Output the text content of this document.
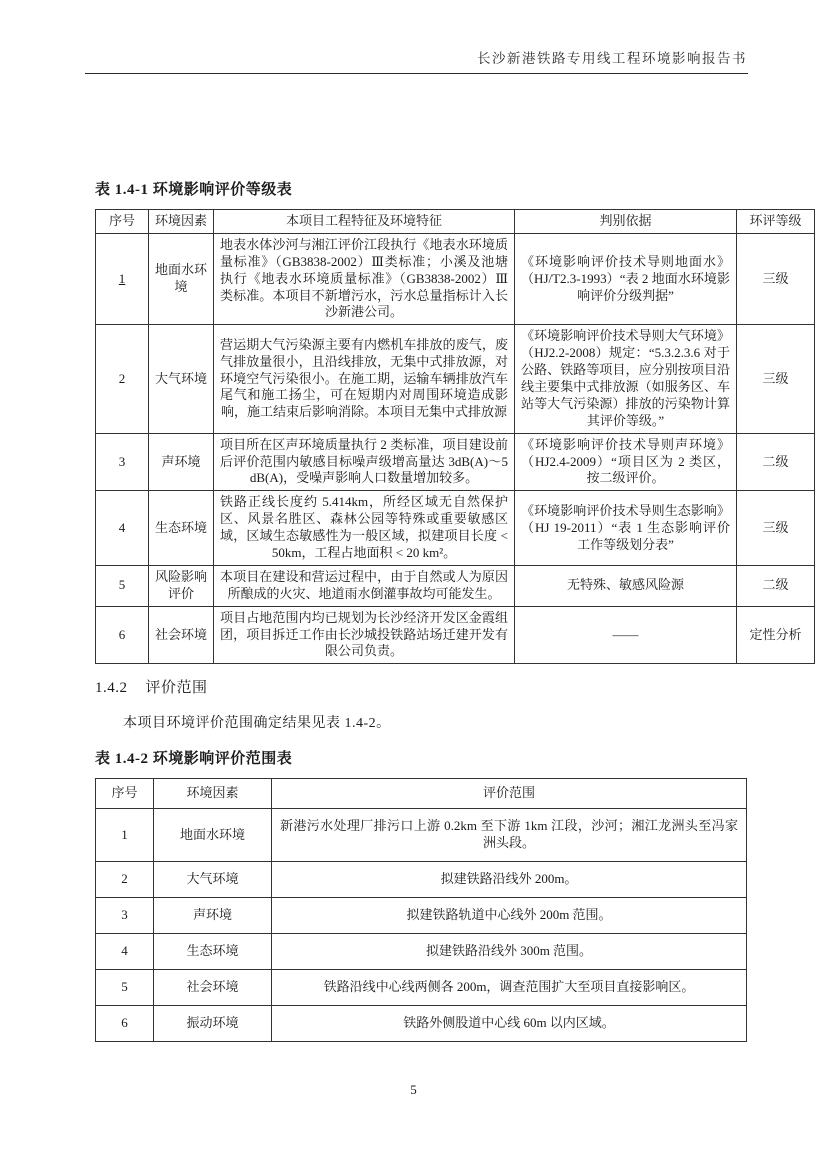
长沙新港铁路专用线工程环境影响报告书
表 1.4-1 环境影响评价等级表
序号	环境因素	本项目工程特征及环境特征	判别依据	环评等级
1	地面水环境	地表水体沙河与湘江评价江段执行《地表水环境质量标准》（GB3838-2002）Ⅲ类标准；小溪及池塘执行《地表水环境质量标准》（GB3838-2002）Ⅲ类标准。本项目不新增污水，污水总量指标计入长沙新港公司。	《环境影响评价技术导则地面水》（HJ/T2.3-1993）“表 2 地面水环境影响评价分级判据”	三级
2	大气环境	营运期大气污染源主要有内燃机车排放的废气，废气排放量很小，且沿线排放，无集中式排放源，对环境空气污染很小。在施工期，运输车辆排放汽车尾气和施工扬尘，可在短期内对周围环境造成影响，施工结束后影响消除。本项目无集中式排放源	《环境影响评价技术导则大气环境》（HJ2.2-2008）规定：“5.3.2.3.6 对于公路、铁路等项目，应分别按项目沿线主要集中式排放源（如服务区、车站等大气污染源）排放的污染物计算其评价等级。”	三级
3	声环境	项目所在区声环境质量执行 2 类标准，项目建设前后评价范围内敏感目标噪声级增高量达 3dB(A)～5dB(A)，受噪声影响人口数量增加较多。	《环境影响评价技术导则声环境》（HJ2.4-2009）“项目区为 2 类区，按二级评价。	二级
4	生态环境	铁路正线长度约 5.414km，所经区域无自然保护区、风景名胜区、森林公园等特殊或重要敏感区域，区域生态敏感性为一般区域，拟建项目长度 < 50km，工程占地面积 < 20 km²。	《环境影响评价技术导则生态影响》（HJ 19-2011）“表 1 生态影响评价工作等级划分表”	三级
5	风险影响评价	本项目在建设和营运过程中，由于自然或人为原因所酿成的火灾、地道雨水倒灌事故均可能发生。	无特殊、敏感风险源	二级
6	社会环境	项目占地范围内均已规划为长沙经济开发区金霞组团，项目拆迁工作由长沙城投铁路站场迁建开发有限公司负责。	——	定性分析
1.4.2 评价范围
本项目环境评价范围确定结果见表 1.4-2。
表 1.4-2 环境影响评价范围表
序号	环境因素	评价范围
1	地面水环境	新港污水处理厂排污口上游 0.2km 至下游 1km 江段，沙河；湘江龙洲头至冯家洲头段。
2	大气环境	拟建铁路沿线外 200m。
3	声环境	拟建铁路轨道中心线外 200m 范围。
4	生态环境	拟建铁路沿线外 300m 范围。
5	社会环境	铁路沿线中心线两侧各 200m，调查范围扩大至项目直接影响区。
6	振动环境	铁路外侧股道中心线 60m 以内区域。
5
